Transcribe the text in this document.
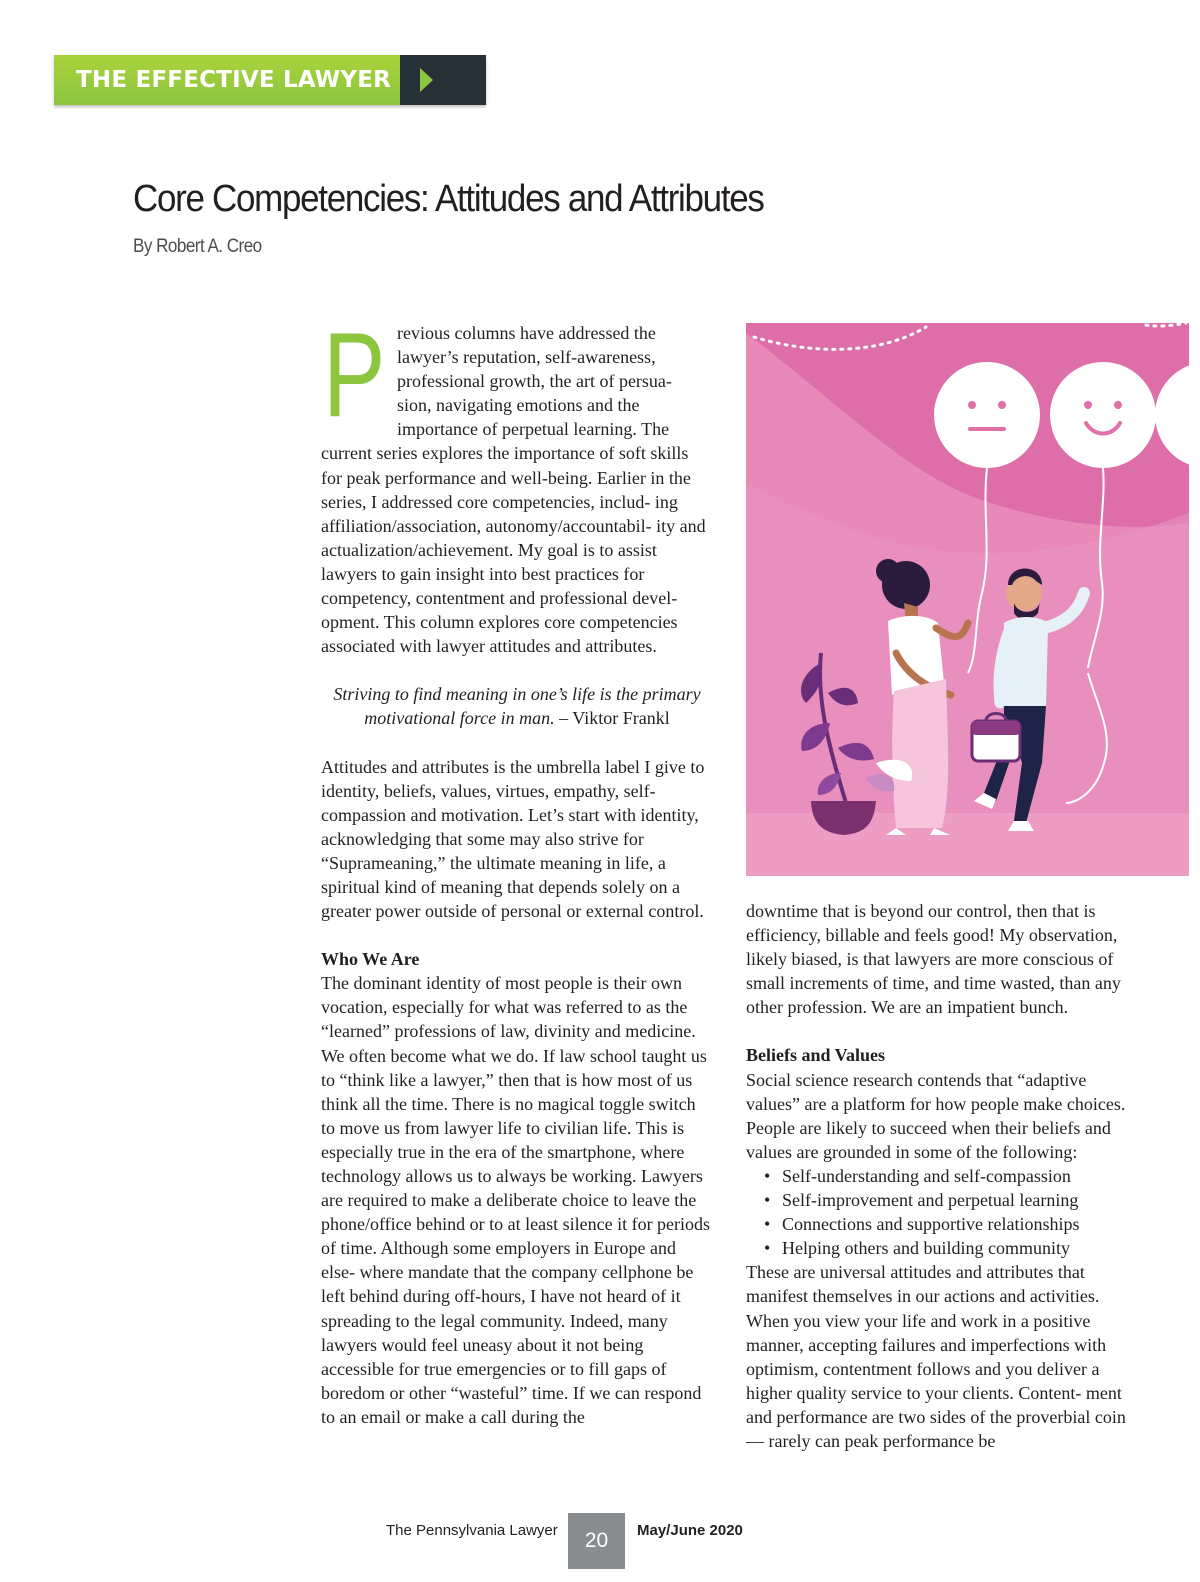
THE EFFECTIVE LAWYER
Core Competencies: Attitudes and Attributes
By Robert A. Creo
P revious columns have addressed the
lawyer’s reputation, self-awareness,
professional growth, the art of persua-
sion, navigating emotions and the
importance of perpetual learning. The

current series explores the importance of soft skills for peak performance and well-being. Earlier in the series, I addressed core competencies, includ- ing affiliation/association, autonomy/accountabil- ity and actualization/achievement. My goal is to assist lawyers to gain insight into best practices for competency, contentment and professional devel- opment. This column explores core competencies associated with lawyer attitudes and attributes.

Striving to find meaning in one’s life is the primary motivational force in man. – Viktor Frankl

Attitudes and attributes is the umbrella label I give to identity, beliefs, values, virtues, empathy, self-compassion and motivation. Let’s start with identity, acknowledging that some may also strive for “Suprameaning,” the ultimate meaning in life, a spiritual kind of meaning that depends solely on a greater power outside of personal or external control.

Who We Are

The dominant identity of most people is their own vocation, especially for what was referred to as the “learned” professions of law, divinity and medicine. We often become what we do. If law school taught us to “think like a lawyer,” then that is how most of us think all the time. There is no magical toggle switch to move us from lawyer life to civilian life. This is especially true in the era of the smartphone, where technology allows us to always be working. Lawyers are required to make a deliberate choice to leave the phone/office behind or to at least silence it for periods of time. Although some employers in Europe and else- where mandate that the company cellphone be left behind during off-hours, I have not heard of it spreading to the legal community. Indeed, many lawyers would feel uneasy about it not being accessible for true emergencies or to fill gaps of boredom or other “wasteful” time. If we can respond to an email or make a call during the

downtime that is beyond our control, then that is efficiency, billable and feels good! My observation, likely biased, is that lawyers are more conscious of small increments of time, and time wasted, than any other profession. We are an impatient bunch.

Beliefs and Values

Social science research contends that “adaptive values” are a platform for how people make choices. People are likely to succeed when their beliefs and values are grounded in some of the following:

• Self-understanding and self-compassion
• Self-improvement and perpetual learning
• Connections and supportive relationships
• Helping others and building community

These are universal attitudes and attributes that manifest themselves in our actions and activities. When you view your life and work in a positive manner, accepting failures and imperfections with optimism, contentment follows and you deliver a higher quality service to your clients. Content- ment and performance are two sides of the proverbial coin — rarely can peak performance be

The Pennsylvania Lawyer	20	May/June 2020
